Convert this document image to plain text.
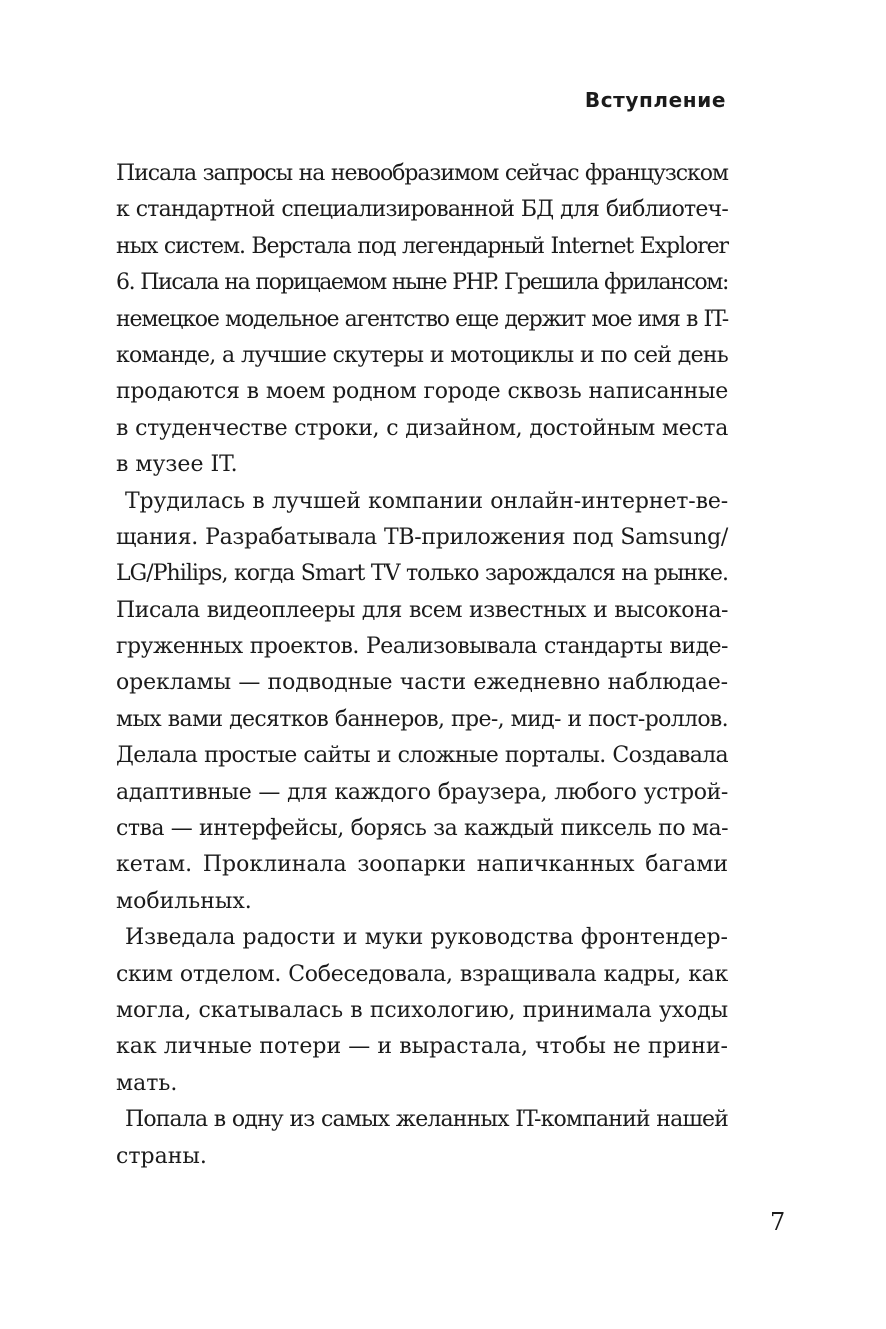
Вступление

Писала запросы на невообразимом сейчас французском
к стандартной специализированной БД для библиотеч-
ных систем. Верстала под легендарный Internet Explorer
6. Писала на порицаемом ныне PHP. Грешила фрилансом:
немецкое модельное агентство еще держит мое имя в IT-
команде, а лучшие скутеры и мотоциклы и по сей день
продаются в моем родном городе сквозь написанные
в студенчестве строки, с дизайном, достойным места
в музее IT.

Трудилась в лучшей компании онлайн-интернет-ве-
щания. Разрабатывала ТВ-приложения под Samsung/
LG/Philips, когда Smart TV только зарождался на рынке.
Писала видеоплееры для всем известных и высокона-
груженных проектов. Реализовывала стандарты виде-
орекламы — подводные части ежедневно наблюдае-
мых вами десятков баннеров, пре-, мид- и пост-роллов.
Делала простые сайты и сложные порталы. Создавала
адаптивные — для каждого браузера, любого устрой-
ства — интерфейсы, борясь за каждый пиксель по ма-
кетам. Проклинала зоопарки напичканных багами
мобильных.

Изведала радости и муки руководства фронтендер-
ским отделом. Собеседовала, взращивала кадры, как
могла, скатывалась в психологию, принимала уходы
как личные потери — и вырастала, чтобы не прини-
мать.

Попала в одну из самых желанных IT-компаний нашей
страны.

7
